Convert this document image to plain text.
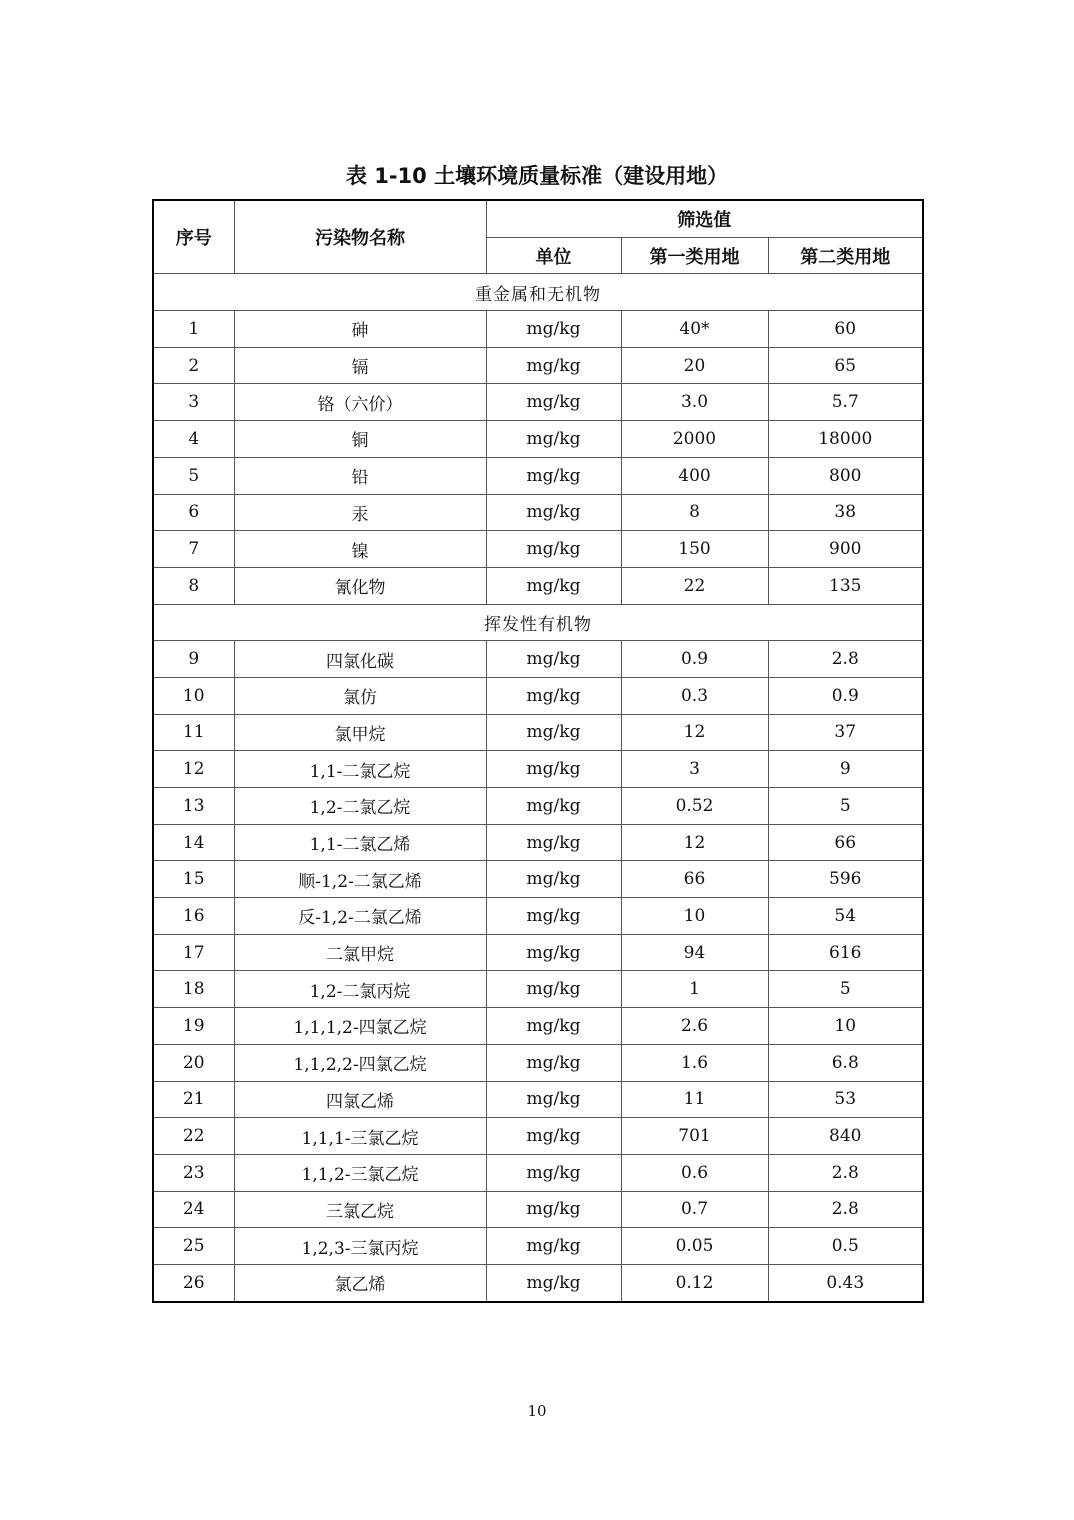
表 1-10 土壤环境质量标准（建设用地）
序号	污染物名称	筛选值		
		单位	第一类用地	第二类用地
重金属和无机物				
1	砷	mg/kg	40*	60
2	镉	mg/kg	20	65
3	铬（六价）	mg/kg	3.0	5.7
4	铜	mg/kg	2000	18000
5	铅	mg/kg	400	800
6	汞	mg/kg	8	38
7	镍	mg/kg	150	900
8	氰化物	mg/kg	22	135
挥发性有机物				
9	四氯化碳	mg/kg	0.9	2.8
10	氯仿	mg/kg	0.3	0.9
11	氯甲烷	mg/kg	12	37
12	1,1-二氯乙烷	mg/kg	3	9
13	1,2-二氯乙烷	mg/kg	0.52	5
14	1,1-二氯乙烯	mg/kg	12	66
15	顺-1,2-二氯乙烯	mg/kg	66	596
16	反-1,2-二氯乙烯	mg/kg	10	54
17	二氯甲烷	mg/kg	94	616
18	1,2-二氯丙烷	mg/kg	1	5
19	1,1,1,2-四氯乙烷	mg/kg	2.6	10
20	1,1,2,2-四氯乙烷	mg/kg	1.6	6.8
21	四氯乙烯	mg/kg	11	53
22	1,1,1-三氯乙烷	mg/kg	701	840
23	1,1,2-三氯乙烷	mg/kg	0.6	2.8
24	三氯乙烷	mg/kg	0.7	2.8
25	1,2,3-三氯丙烷	mg/kg	0.05	0.5
26	氯乙烯	mg/kg	0.12	0.43
10
